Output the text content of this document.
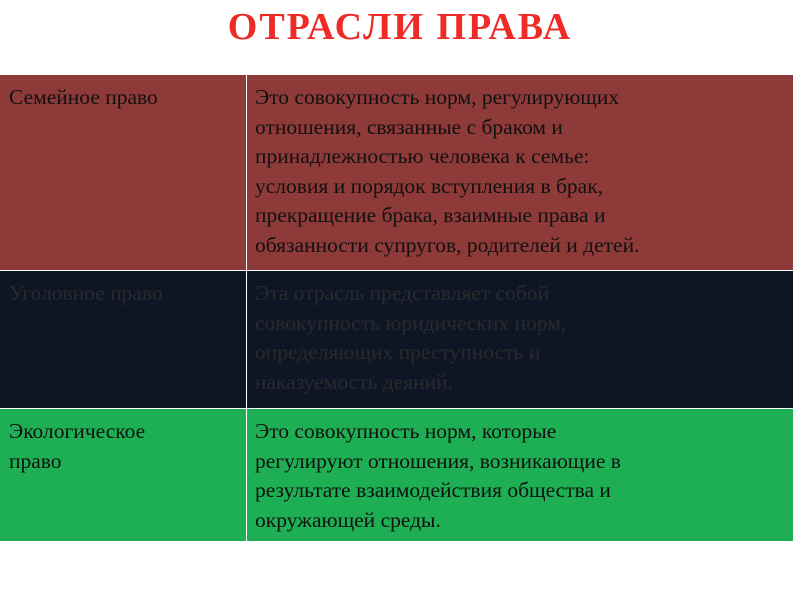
ОТРАСЛИ ПРАВА
Семейное право	Это совокупность норм, регулирующих
отношения, связанные с браком и
принадлежностью человека к семье:
условия и порядок вступления в брак,
прекращение брака, взаимные права и
обязанности супругов, родителей и детей.
Уголовное право	Эта отрасль представляет собой
совокупность юридических норм,
определяющих преступность и
наказуемость деяний.
Экологическое
право
Это совокупность норм, которые
регулируют отношения, возникающие в
результате взаимодействия общества и
окружающей среды.
